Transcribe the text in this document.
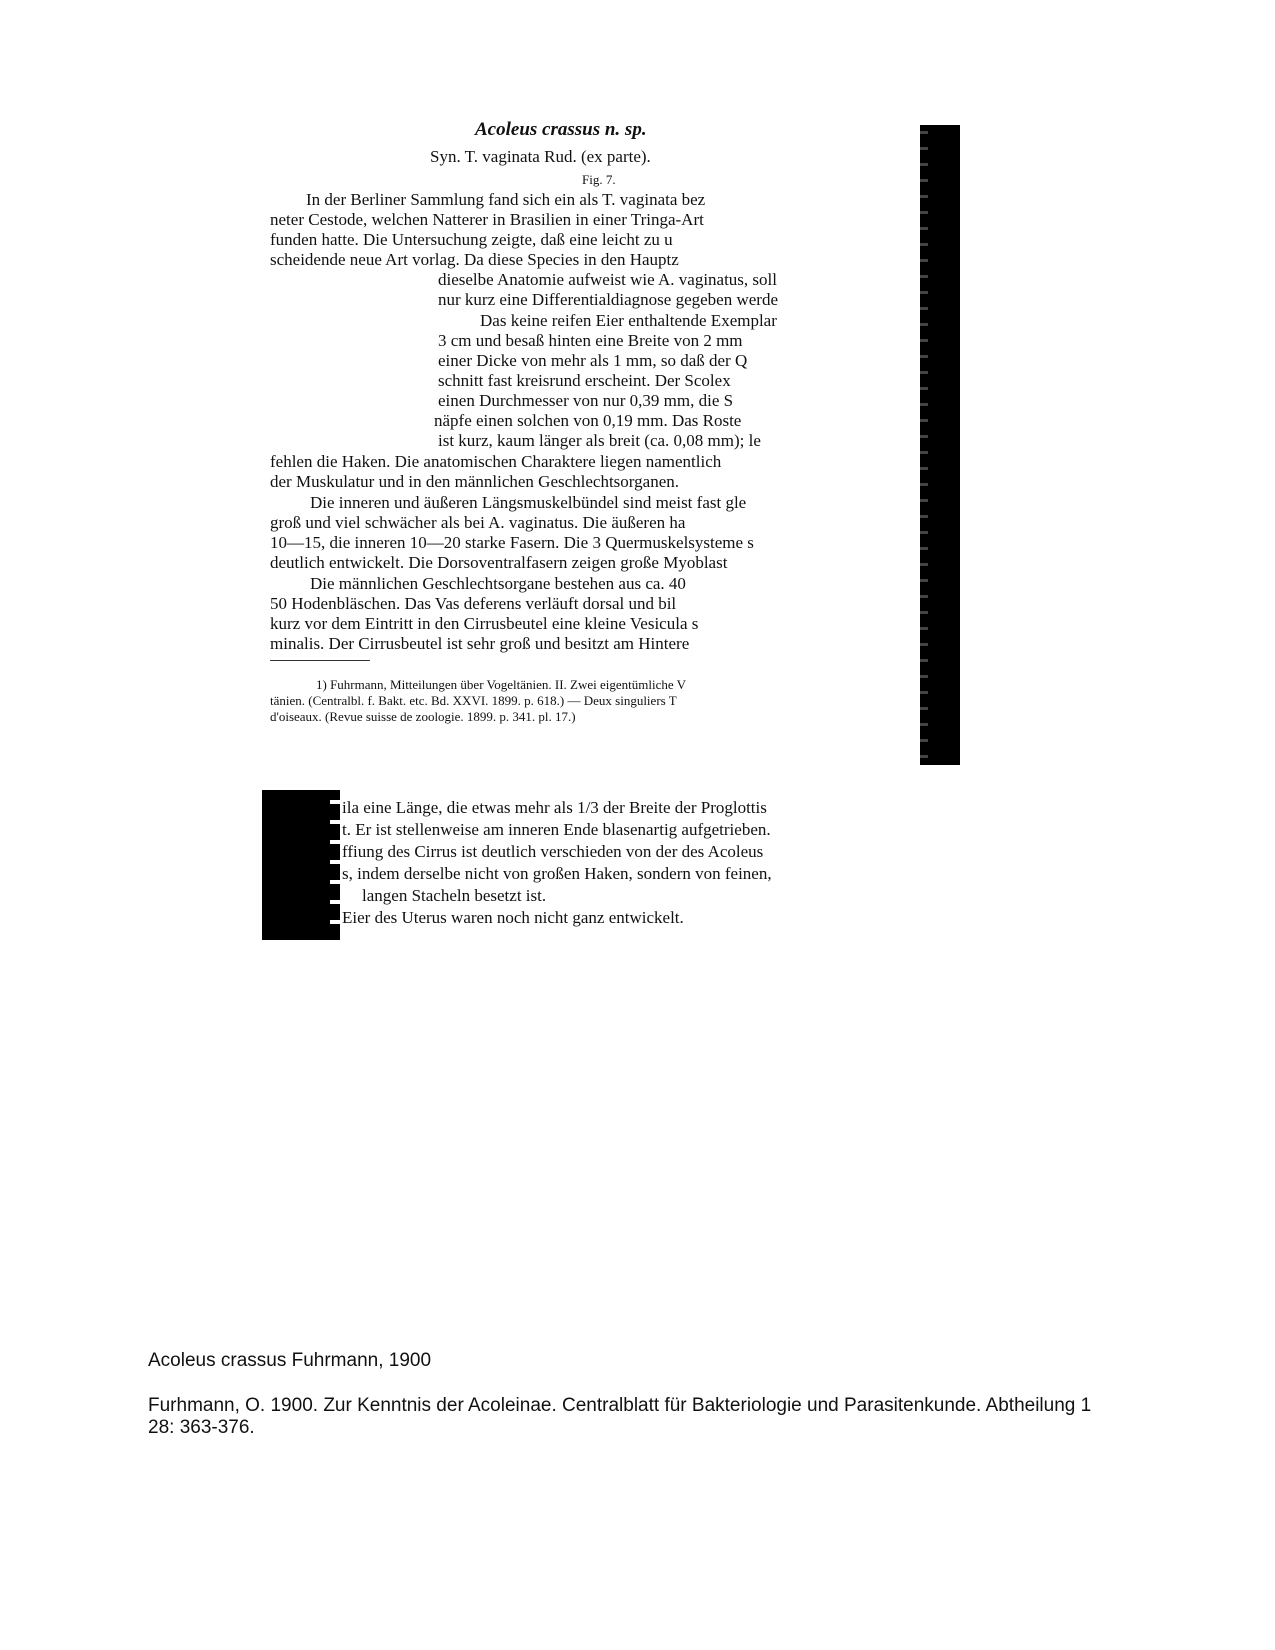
Acoleus crassus n. sp.
Syn. T. vaginata Rud. (ex parte).
Fig. 7.
In der Berliner Sammlung fand sich ein als T. vaginata bez
neter Cestode, welchen Natterer in Brasilien in einer Tringa-Art
funden hatte. Die Untersuchung zeigte, daß eine leicht zu u
scheidende neue Art vorlag. Da diese Species in den Hauptz
dieselbe Anatomie aufweist wie A. vaginatus, soll
nur kurz eine Differentialdiagnose gegeben werde
Das keine reifen Eier enthaltende Exemplar
3 cm und besaß hinten eine Breite von 2 mm
einer Dicke von mehr als 1 mm, so daß der Q
schnitt fast kreisrund erscheint. Der Scolex
einen Durchmesser von nur 0,39 mm, die S
näpfe einen solchen von 0,19 mm. Das Roste
ist kurz, kaum länger als breit (ca. 0,08 mm); le
fehlen die Haken. Die anatomischen Charaktere liegen namentlich
der Muskulatur und in den männlichen Geschlechtsorganen.
Die inneren und äußeren Längsmuskelbündel sind meist fast gle
groß und viel schwächer als bei A. vaginatus. Die äußeren ha
10—15, die inneren 10—20 starke Fasern. Die 3 Quermuskelsysteme s
deutlich entwickelt. Die Dorsoventralfasern zeigen große Myoblast
Die männlichen Geschlechtsorgane bestehen aus ca. 40
50 Hodenbläschen. Das Vas deferens verläuft dorsal und bil
kurz vor dem Eintritt in den Cirrusbeutel eine kleine Vesicula s
minalis. Der Cirrusbeutel ist sehr groß und besitzt am Hintere
1) Fuhrmann, Mitteilungen über Vogeltänien. II. Zwei eigentümliche V
tänien. (Centralbl. f. Bakt. etc. Bd. XXVI. 1899. p. 618.) — Deux singuliers T
d'oiseaux. (Revue suisse de zoologie. 1899. p. 341. pl. 17.)
ila eine Länge, die etwas mehr als 1/3 der Breite der Proglottis
t. Er ist stellenweise am inneren Ende blasenartig aufgetrieben.
ffiung des Cirrus ist deutlich verschieden von der des Acoleus
s, indem derselbe nicht von großen Haken, sondern von feinen,
langen Stacheln besetzt ist.
Eier des Uterus waren noch nicht ganz entwickelt.
Acoleus crassus Fuhrmann, 1900
Furhmann, O. 1900. Zur Kenntnis der Acoleinae. Centralblatt für Bakteriologie und Parasitenkunde. Abtheilung 1 28: 363-376.
